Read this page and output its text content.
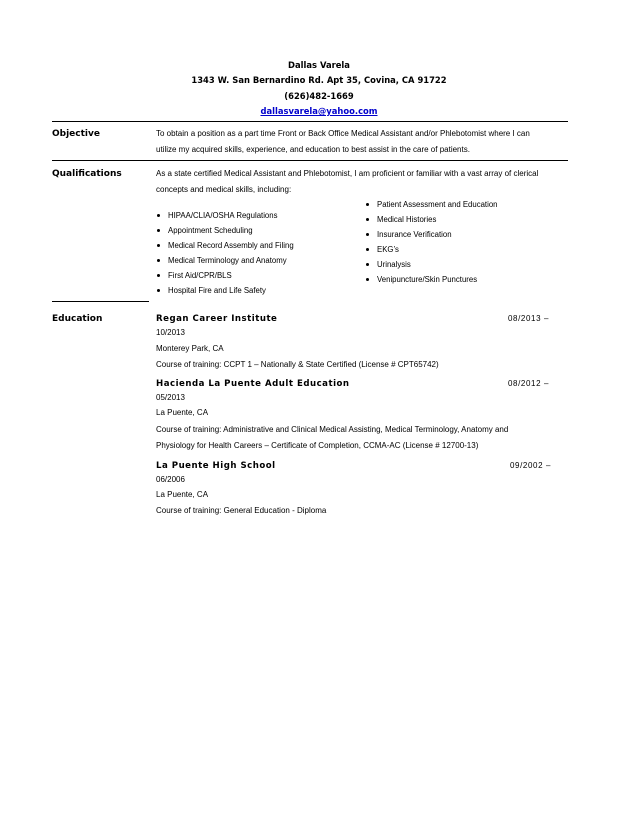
Dallas Varela
1343 W. San Bernardino Rd. Apt 35, Covina, CA 91722
(626)482-1669
dallasvarela@yahoo.com
Objective	To obtain a position as a part time Front or Back Office Medical Assistant and/or Phlebotomist where I can
utilize my acquired skills, experience, and education to best assist in the care of patients.
Qualifications	As a state certified Medical Assistant and Phlebotomist, I am proficient or familiar with a vast array of clerical
concepts and medical skills, including:
HIPAA/CLIA/OSHA Regulations
Appointment Scheduling
Medical Record Assembly and Filing
Medical Terminology and Anatomy
First Aid/CPR/BLS
Hospital Fire and Life Safety
Patient Assessment and Education
Medical Histories
Insurance Verification
EKG’s
Urinalysis
Venipuncture/Skin Punctures
Education	Regan Career Institute	08/2013 –
10/2013
Monterey Park, CA
Course of training: CCPT 1 – Nationally & State Certified (License # CPT65742)
Hacienda La Puente Adult Education	08/2012 –
05/2013
La Puente, CA
Course of training: Administrative and Clinical Medical Assisting, Medical Terminology, Anatomy and
Physiology for Health Careers – Certificate of Completion, CCMA-AC (License # 12700-13)
La Puente High School	09/2002 –
06/2006
La Puente, CA
Course of training: General Education - Diploma
